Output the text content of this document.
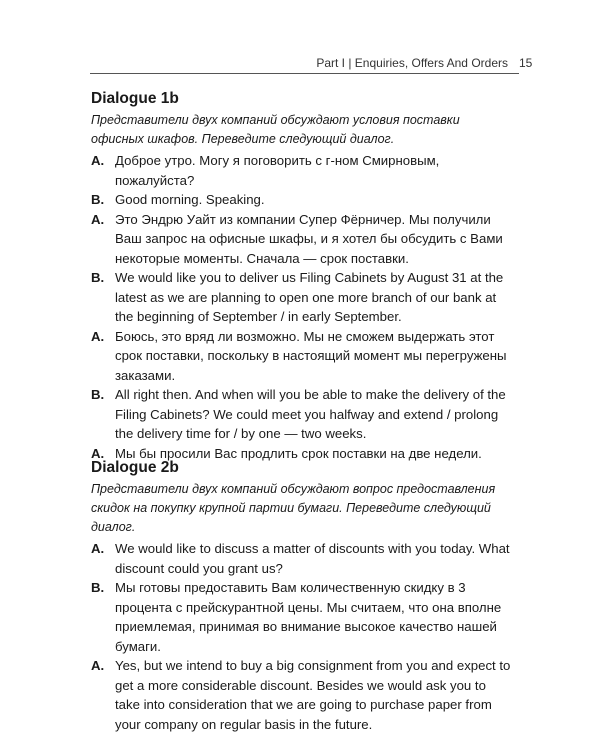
Part I | Enquiries, Offers And Orders 15
Dialogue 1b
Представители двух компаний обсуждают условия поставки офисных шкафов. Переведите следующий диалог.
A. Доброе утро. Могу я поговорить с г-ном Смирновым, пожалуйста?
B. Good morning. Speaking.
A. Это Эндрю Уайт из компании Супер Фёрничер. Мы получили Ваш запрос на офисные шкафы, и я хотел бы обсудить с Вами некоторые моменты. Сначала — срок поставки.
B. We would like you to deliver us Filing Cabinets by August 31 at the latest as we are planning to open one more branch of our bank at the beginning of September / in early September.
A. Боюсь, это вряд ли возможно. Мы не сможем выдержать этот срок поставки, поскольку в настоящий момент мы перегружены заказами.
B. All right then. And when will you be able to make the delivery of the Filing Cabinets? We could meet you halfway and extend / prolong the delivery time for / by one — two weeks.
A. Мы бы просили Вас продлить срок поставки на две недели.
Dialogue 2b
Представители двух компаний обсуждают вопрос предоставления скидок на покупку крупной партии бумаги. Переведите следующий диалог.
A. We would like to discuss a matter of discounts with you today. What discount could you grant us?
B. Мы готовы предоставить Вам количественную скидку в 3 процента с прейскурантной цены. Мы считаем, что она вполне приемлемая, принимая во внимание высокое качество нашей бумаги.
A. Yes, but we intend to buy a big consignment from you and expect to get a more considerable discount. Besides we would ask you to take into consideration that we are going to purchase paper from your company on regular basis in the future.
